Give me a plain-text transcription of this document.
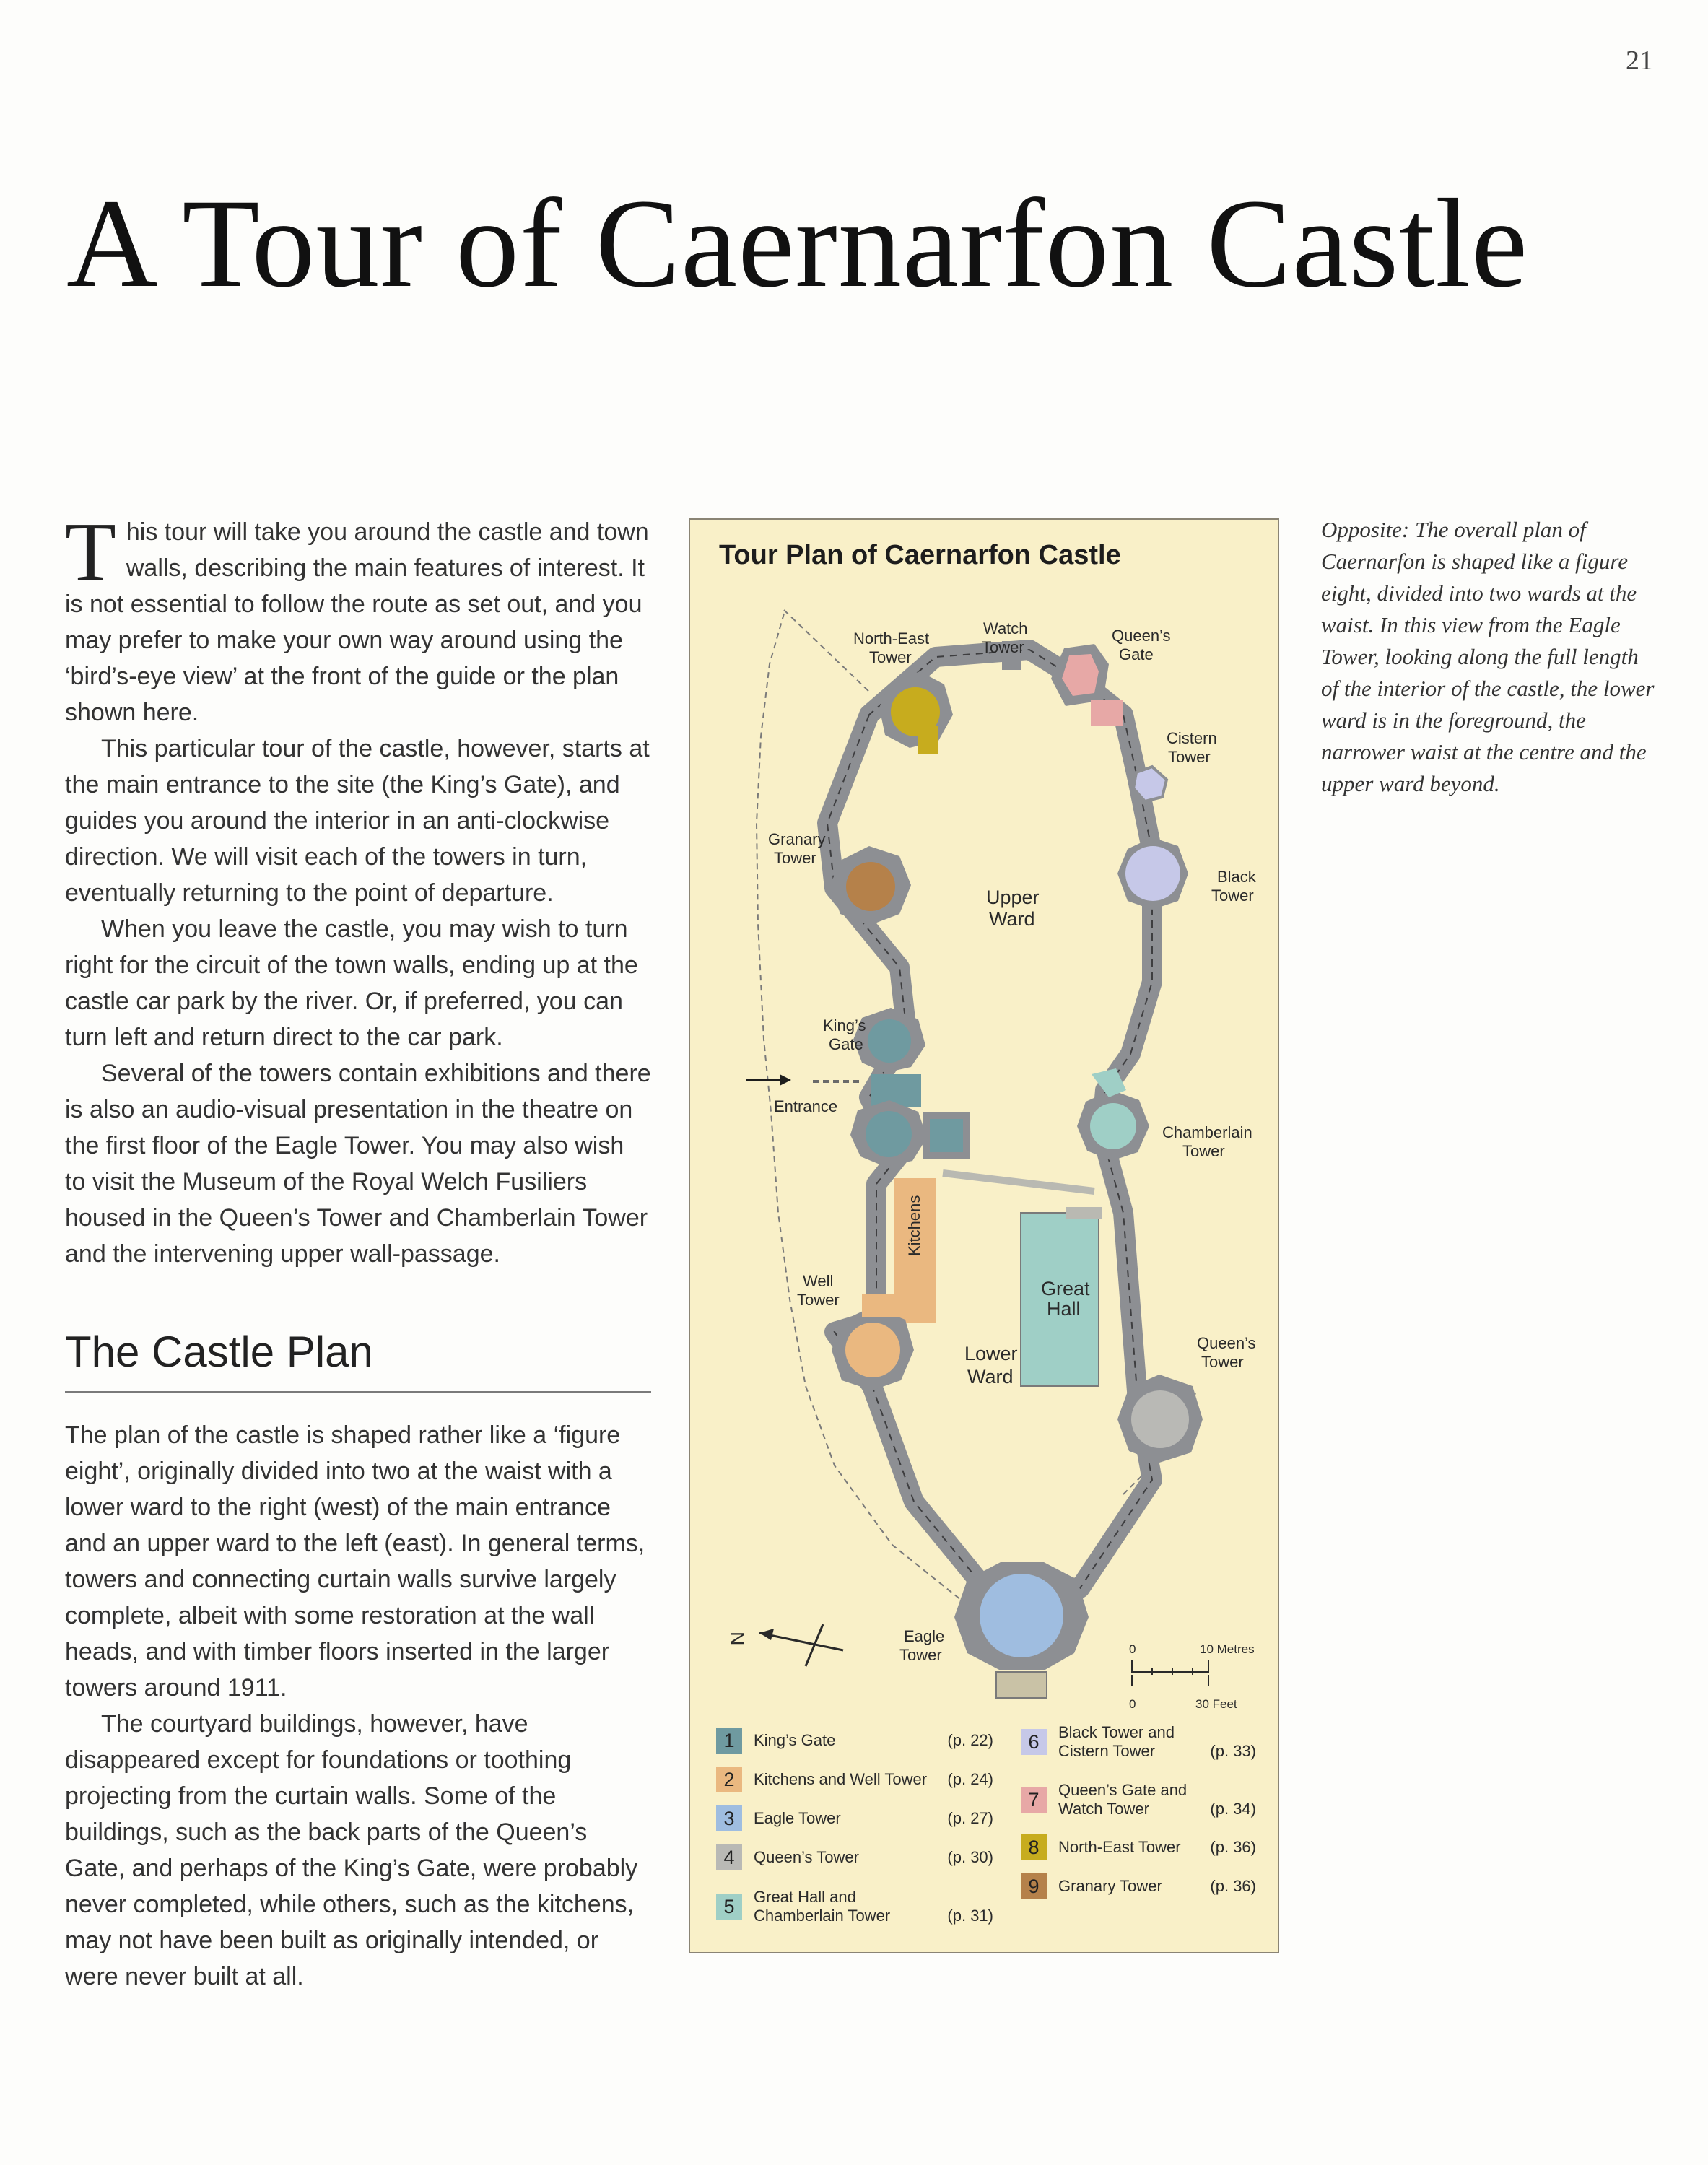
21
A Tour of Caernarfon Castle
T his tour will take you around the castle and town walls, describing the main features of interest. It is not essential to follow the route as set out, and you may prefer to make your own way around using the ‘bird’s-eye view’ at the front of the guide or the plan shown here.

This particular tour of the castle, however, starts at the main entrance to the site (the King’s Gate), and guides you around the interior in an anti-clockwise direction. We will visit each of the towers in turn, eventually returning to the point of departure.

When you leave the castle, you may wish to turn right for the circuit of the town walls, ending up at the castle car park by the river. Or, if preferred, you can turn left and return direct to the car park.

Several of the towers contain exhibitions and there is also an audio-visual presentation in the theatre on the first floor of the Eagle Tower. You may also wish to visit the Museum of the Royal Welch Fusiliers housed in the Queen’s Tower and Chamberlain Tower and the intervening upper wall-passage.

The Castle Plan

The plan of the castle is shaped rather like a ‘figure eight’, originally divided into two at the waist with a lower ward to the right (west) of the main entrance and an upper ward to the left (east). In general terms, towers and connecting curtain walls survive largely complete, albeit with some restoration at the wall heads, and with timber floors inserted in the larger towers around 1911.

The courtyard buildings, however, have disappeared except for foundations or toothing projecting from the curtain walls. Some of the buildings, such as the back parts of the Queen’s Gate, and perhaps of the King’s Gate, were probably never completed, while others, such as the kitchens, may not have been built as originally intended, or were never built at all.

Opposite: The overall plan of Caernarfon is shaped like a figure eight, divided into two wards at the waist. In this view from the Eagle Tower, looking along the full length of the interior of the castle, the lower ward is in the foreground, the narrower waist at the centre and the upper ward beyond.

Tour Plan of Caernarfon Castle
N
0	10 Metres
0	30 Feet
North-East
Tower
Watch
Tower
Queen’s
Gate
Cistern
Tower
Granary
Tower
Black
Tower
Upper
Ward
King’s
Gate
Entrance
Chamberlain
Tower
Kitchens
Well
Tower
Great
Hall
Lower
Ward
Queen’s
Tower
Eagle
Tower
1	King’s Gate	(p. 22)
2	Kitchens and Well Tower	(p. 24)
3	Eagle Tower	(p. 27)
4	Queen’s Tower	(p. 30)
5	Great Hall and Chamberlain Tower	(p. 31)
6	Black Tower and Cistern Tower	(p. 33)
7	Queen’s Gate and Watch Tower	(p. 34)
8	North-East Tower	(p. 36)
9	Granary Tower	(p. 36)
